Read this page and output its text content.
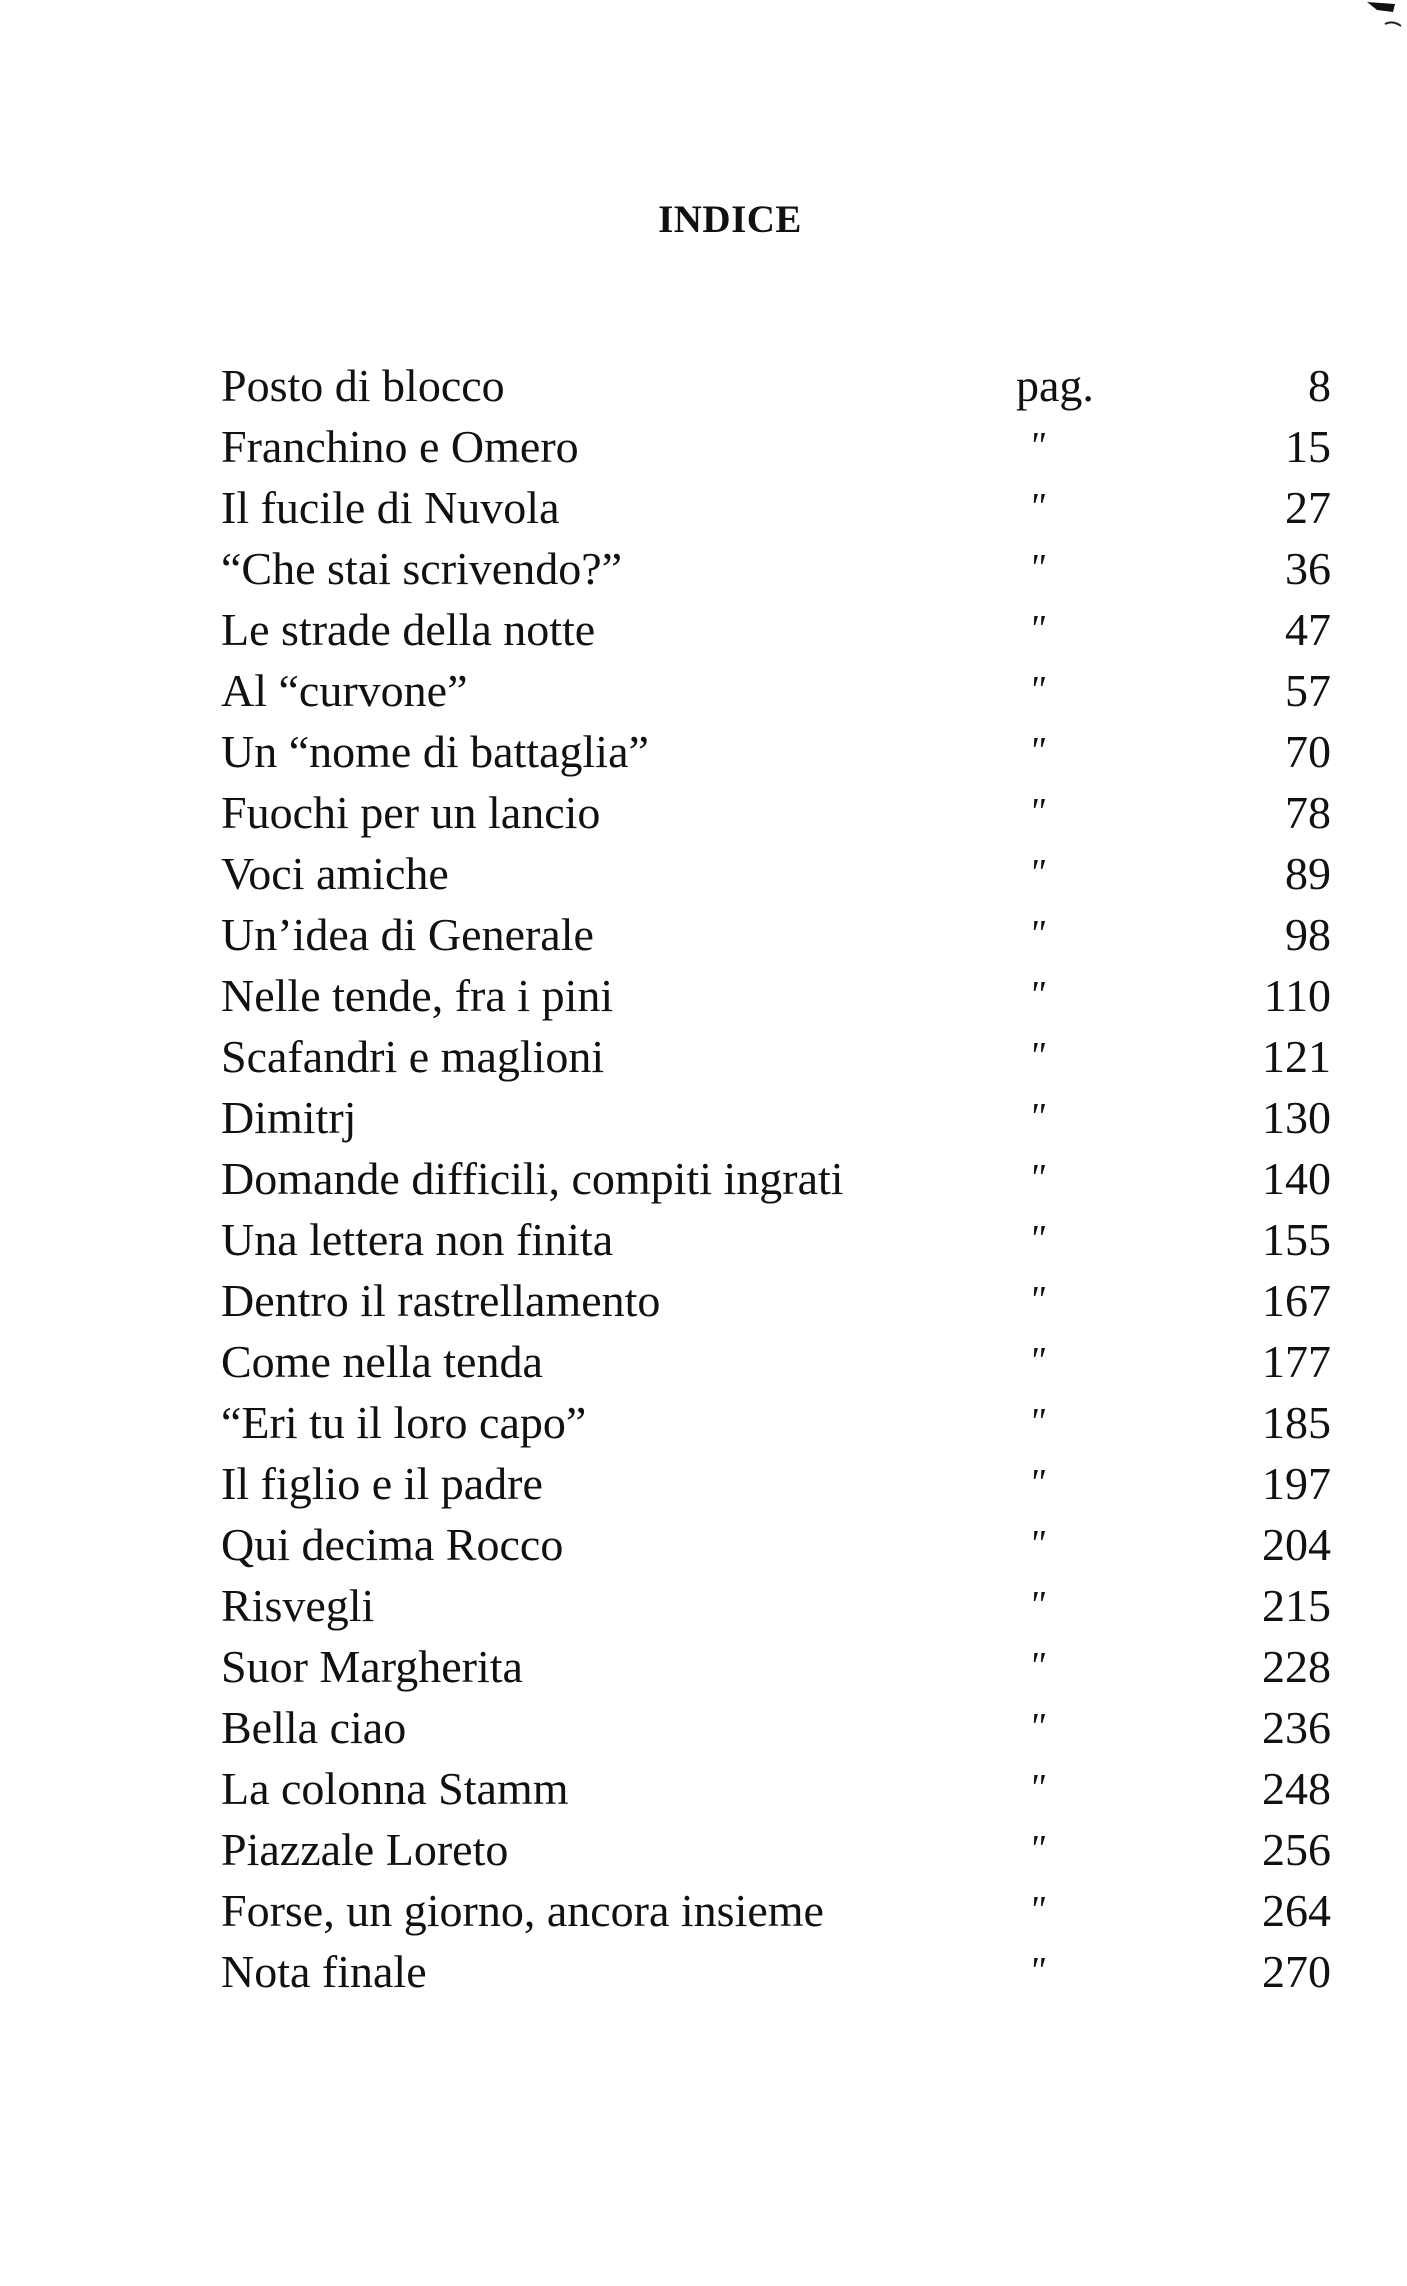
INDICE
Posto di blocco	pag.	8
Franchino e Omero	"	15
Il fucile di Nuvola	"	27
“Che stai scrivendo?”	"	36
Le strade della notte	"	47
Al “curvone”	"	57
Un “nome di battaglia”	"	70
Fuochi per un lancio	"	78
Voci amiche	"	89
Un’idea di Generale	"	98
Nelle tende, fra i pini	"	110
Scafandri e maglioni	"	121
Dimitrj	"	130
Domande difficili, compiti ingrati	"	140
Una lettera non finita	"	155
Dentro il rastrellamento	"	167
Come nella tenda	"	177
“Eri tu il loro capo”	"	185
Il figlio e il padre	"	197
Qui decima Rocco	"	204
Risvegli	"	215
Suor Margherita	"	228
Bella ciao	"	236
La colonna Stamm	"	248
Piazzale Loreto	"	256
Forse, un giorno, ancora insieme	"	264
Nota finale	"	270
